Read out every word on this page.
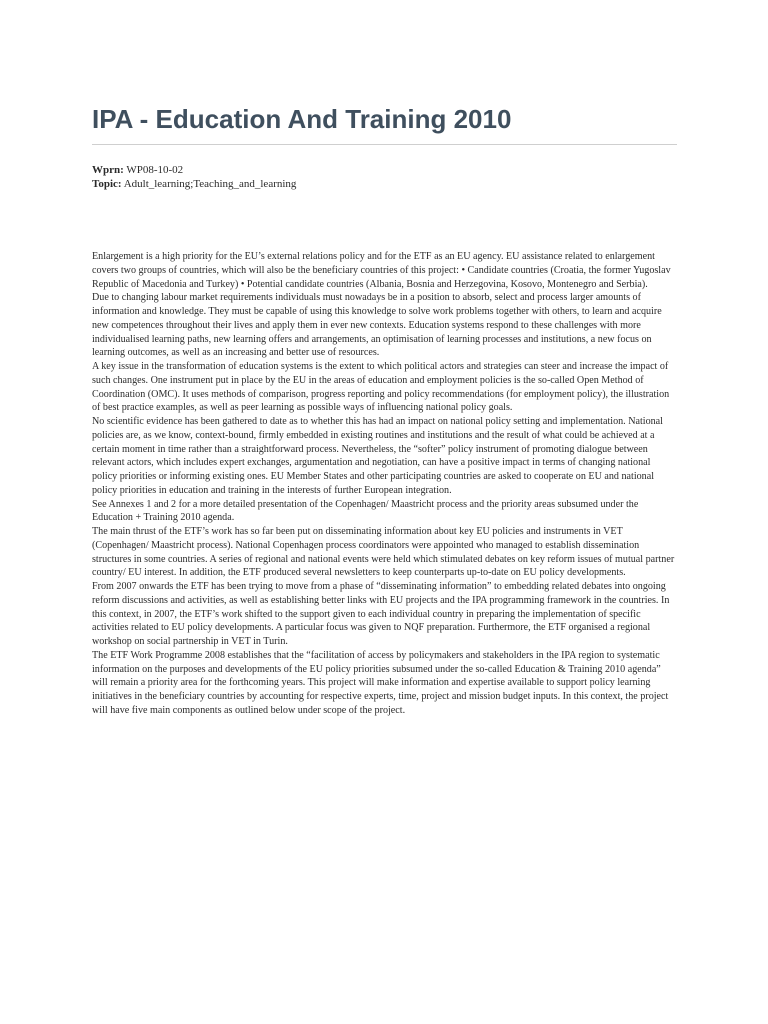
IPA - Education And Training 2010
Wprn: WP08-10-02
Topic: Adult_learning;Teaching_and_learning

Enlargement is a high priority for the EU’s external relations policy and for the ETF as an EU agency. EU assistance related to enlargement covers two groups of countries, which will also be the beneficiary countries of this project: • Candidate countries (Croatia, the former Yugoslav Republic of Macedonia and Turkey) • Potential candidate countries (Albania, Bosnia and Herzegovina, Kosovo, Montenegro and Serbia).

Due to changing labour market requirements individuals must nowadays be in a position to absorb, select and process larger amounts of information and knowledge. They must be capable of using this knowledge to solve work problems together with others, to learn and acquire new competences throughout their lives and apply them in ever new contexts. Education systems respond to these challenges with more individualised learning paths, new learning offers and arrangements, an optimisation of learning processes and institutions, a new focus on learning outcomes, as well as an increasing and better use of resources.

A key issue in the transformation of education systems is the extent to which political actors and strategies can steer and increase the impact of such changes. One instrument put in place by the EU in the areas of education and employment policies is the so-called Open Method of Coordination (OMC). It uses methods of comparison, progress reporting and policy recommendations (for employment policy), the illustration of best practice examples, as well as peer learning as possible ways of influencing national policy goals.

No scientific evidence has been gathered to date as to whether this has had an impact on national policy setting and implementation. National policies are, as we know, context-bound, firmly embedded in existing routines and institutions and the result of what could be achieved at a certain moment in time rather than a straightforward process. Nevertheless, the “softer” policy instrument of promoting dialogue between relevant actors, which includes expert exchanges, argumentation and negotiation, can have a positive impact in terms of changing national policy priorities or informing existing ones. EU Member States and other participating countries are asked to cooperate on EU and national policy priorities in education and training in the interests of further European integration.

See Annexes 1 and 2 for a more detailed presentation of the Copenhagen/ Maastricht process and the priority areas subsumed under the Education + Training 2010 agenda.

The main thrust of the ETF’s work has so far been put on disseminating information about key EU policies and instruments in VET (Copenhagen/ Maastricht process). National Copenhagen process coordinators were appointed who managed to establish dissemination structures in some countries. A series of regional and national events were held which stimulated debates on key reform issues of mutual partner country/ EU interest. In addition, the ETF produced several newsletters to keep counterparts up-to-date on EU policy developments.

From 2007 onwards the ETF has been trying to move from a phase of “disseminating information” to embedding related debates into ongoing reform discussions and activities, as well as establishing better links with EU projects and the IPA programming framework in the countries. In this context, in 2007, the ETF’s work shifted to the support given to each individual country in preparing the implementation of specific activities related to EU policy developments. A particular focus was given to NQF preparation. Furthermore, the ETF organised a regional workshop on social partnership in VET in Turin.

The ETF Work Programme 2008 establishes that the “facilitation of access by policymakers and stakeholders in the IPA region to systematic information on the purposes and developments of the EU policy priorities subsumed under the so-called Education & Training 2010 agenda” will remain a priority area for the forthcoming years. This project will make information and expertise available to support policy learning initiatives in the beneficiary countries by accounting for respective experts, time, project and mission budget inputs. In this context, the project will have five main components as outlined below under scope of the project.
